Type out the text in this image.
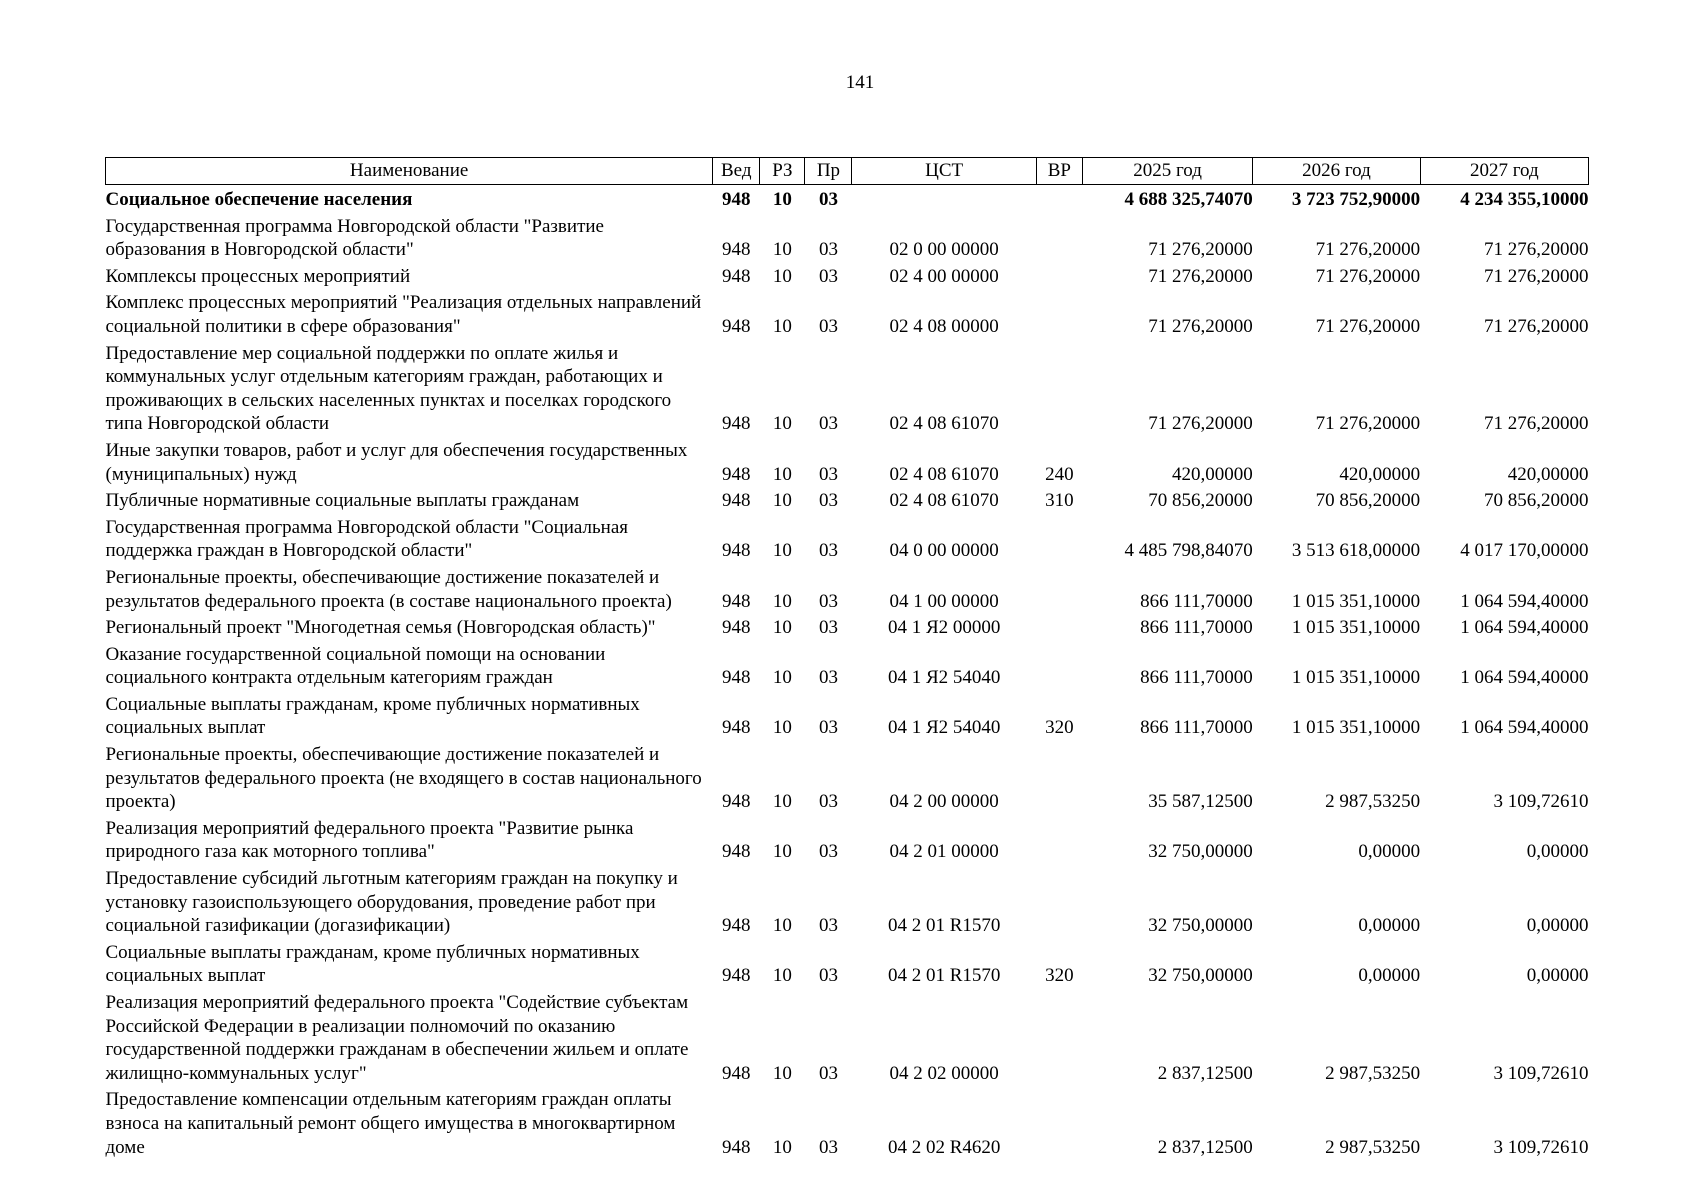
141
Наименование	Вед	РЗ	Пр	ЦСТ	ВР	2025 год	2026 год	2027 год
Социальное обеспечение населения	948	10	03			4 688 325,74070	3 723 752,90000	4 234 355,10000
Государственная программа Новгородской области "Развитие образования в Новгородской области"	948	10	03	02 0 00 00000		71 276,20000	71 276,20000	71 276,20000
Комплексы процессных мероприятий	948	10	03	02 4 00 00000		71 276,20000	71 276,20000	71 276,20000
Комплекс процессных мероприятий "Реализация отдельных направлений социальной политики в сфере образования"	948	10	03	02 4 08 00000		71 276,20000	71 276,20000	71 276,20000
Предоставление мер социальной поддержки по оплате жилья и коммунальных услуг отдельным категориям граждан, работающих и проживающих в сельских населенных пунктах и поселках городского типа Новгородской области	948	10	03	02 4 08 61070		71 276,20000	71 276,20000	71 276,20000
Иные закупки товаров, работ и услуг для обеспечения государственных (муниципальных) нужд	948	10	03	02 4 08 61070	240	420,00000	420,00000	420,00000
Публичные нормативные социальные выплаты гражданам	948	10	03	02 4 08 61070	310	70 856,20000	70 856,20000	70 856,20000
Государственная программа Новгородской области "Социальная поддержка граждан в Новгородской области"	948	10	03	04 0 00 00000		4 485 798,84070	3 513 618,00000	4 017 170,00000
Региональные проекты, обеспечивающие достижение показателей и результатов федерального проекта (в составе национального проекта)	948	10	03	04 1 00 00000		866 111,70000	1 015 351,10000	1 064 594,40000
Региональный проект "Многодетная семья (Новгородская область)"	948	10	03	04 1 Я2 00000		866 111,70000	1 015 351,10000	1 064 594,40000
Оказание государственной социальной помощи на основании социального контракта отдельным категориям граждан	948	10	03	04 1 Я2 54040		866 111,70000	1 015 351,10000	1 064 594,40000
Социальные выплаты гражданам, кроме публичных нормативных социальных выплат	948	10	03	04 1 Я2 54040	320	866 111,70000	1 015 351,10000	1 064 594,40000
Региональные проекты, обеспечивающие достижение показателей и результатов федерального проекта (не входящего в состав национального проекта)	948	10	03	04 2 00 00000		35 587,12500	2 987,53250	3 109,72610
Реализация мероприятий федерального проекта "Развитие рынка природного газа как моторного топлива"	948	10	03	04 2 01 00000		32 750,00000	0,00000	0,00000
Предоставление субсидий льготным категориям граждан на покупку и установку газоиспользующего оборудования, проведение работ при социальной газификации (догазификации)	948	10	03	04 2 01 R1570		32 750,00000	0,00000	0,00000
Социальные выплаты гражданам, кроме публичных нормативных социальных выплат	948	10	03	04 2 01 R1570	320	32 750,00000	0,00000	0,00000
Реализация мероприятий федерального проекта "Содействие субъектам Российской Федерации в реализации полномочий по оказанию государственной поддержки гражданам в обеспечении жильем и оплате жилищно-коммунальных услуг"	948	10	03	04 2 02 00000		2 837,12500	2 987,53250	3 109,72610
Предоставление компенсации отдельным категориям граждан оплаты взноса на капитальный ремонт общего имущества в многоквартирном доме	948	10	03	04 2 02 R4620		2 837,12500	2 987,53250	3 109,72610
